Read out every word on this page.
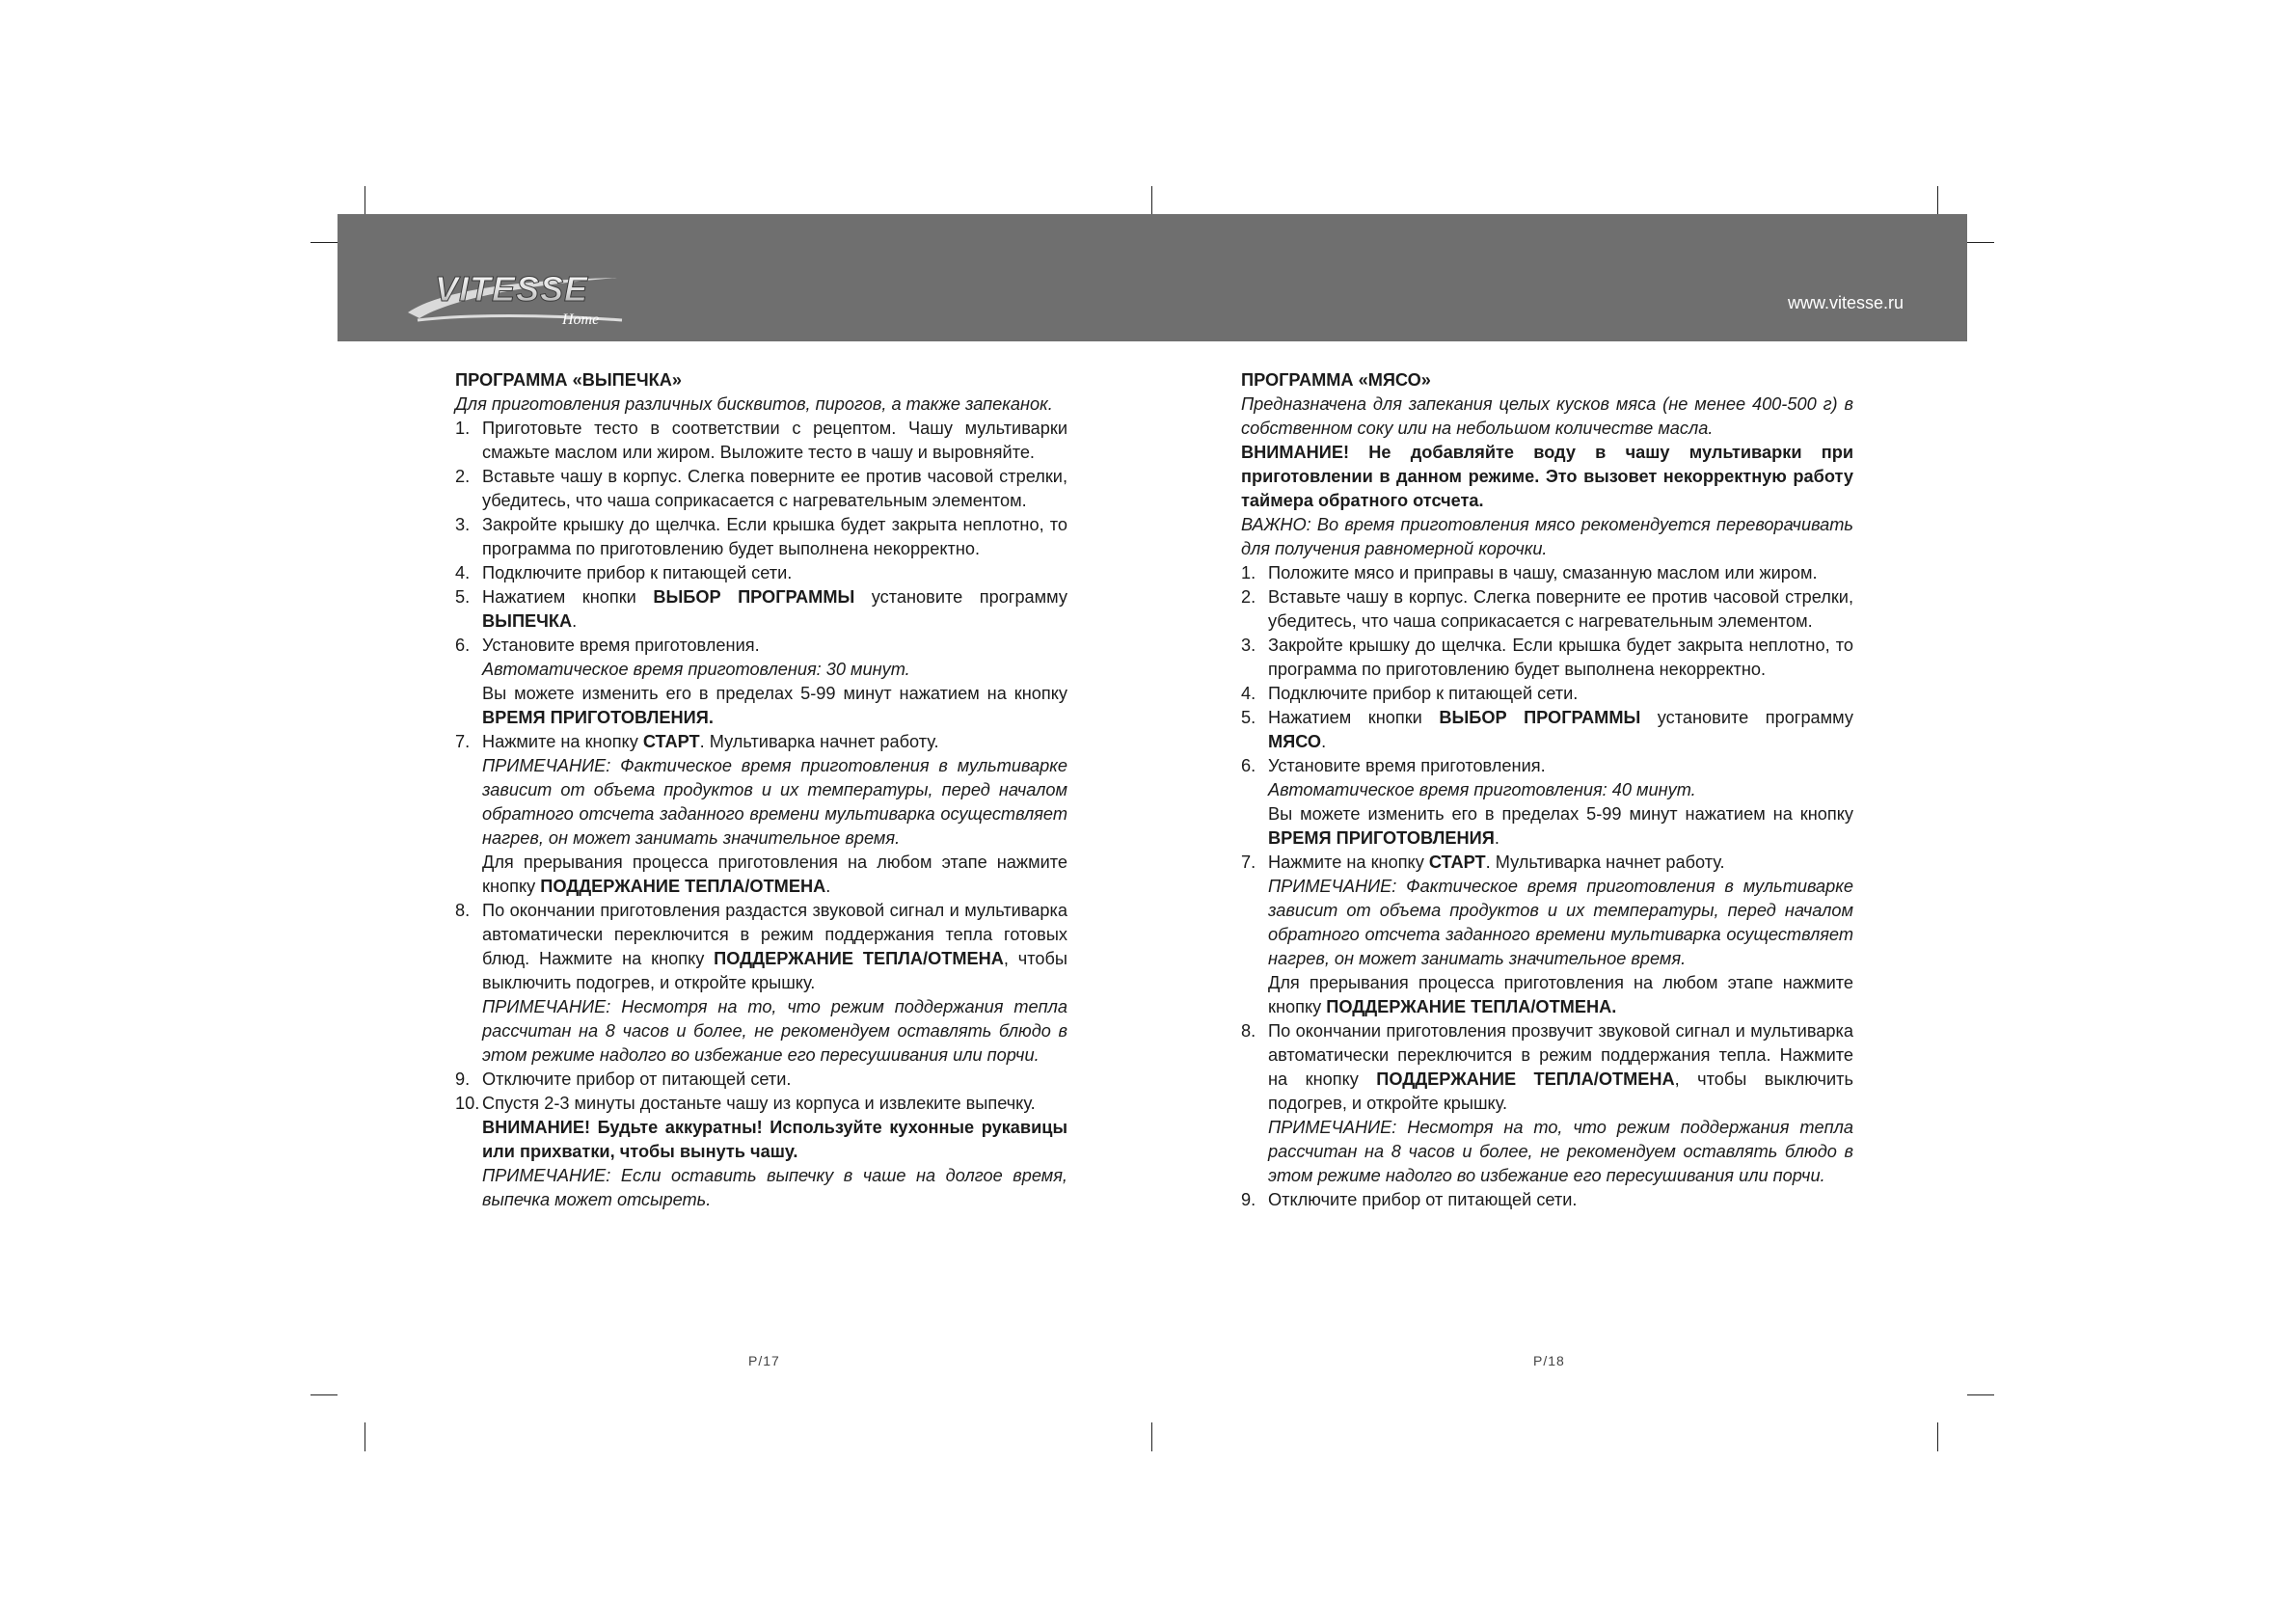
VITESSE
Home
www.vitesse.ru

ПРОГРАММА «ВЫПЕЧКА»

Для приготовления различных бисквитов, пирогов, а также запеканок.

1. Приготовьте тесто в соответствии с рецептом. Чашу мультиварки смажьте маслом или жиром. Выложите тесто в чашу и выровняйте.
2. Вставьте чашу в корпус. Слегка поверните ее против часовой стрелки, убедитесь, что чаша соприкасается с нагревательным элементом.
3. Закройте крышку до щелчка. Если крышка будет закрыта неплотно, то программа по приготовлению будет выполнена некорректно.
4. Подключите прибор к питающей сети.
5. Нажатием кнопки ВЫБОР ПРОГРАММЫ установите программу ВЫПЕЧКА.
6. Установите время приготовления.
Автоматическое время приготовления: 30 минут.
Вы можете изменить его в пределах 5-99 минут нажатием на кнопку ВРЕМЯ ПРИГОТОВЛЕНИЯ.
7. Нажмите на кнопку СТАРТ. Мультиварка начнет работу.
ПРИМЕЧАНИЕ: Фактическое время приготовления в мультиварке зависит от объема продуктов и их температуры, перед началом обратного отсчета заданного времени мультиварка осуществляет нагрев, он может занимать значительное время.
Для прерывания процесса приготовления на любом этапе нажмите кнопку ПОДДЕРЖАНИЕ ТЕПЛА/ОТМЕНА.
8. По окончании приготовления раздастся звуковой сигнал и мультиварка автоматически переключится в режим поддержания тепла готовых блюд. Нажмите на кнопку ПОДДЕРЖАНИЕ ТЕПЛА/ОТМЕНА, чтобы выключить подогрев, и откройте крышку.
ПРИМЕЧАНИЕ: Несмотря на то, что режим поддержания тепла рассчитан на 8 часов и более, не рекомендуем оставлять блюдо в этом режиме надолго во избежание его пересушивания или порчи.
9. Отключите прибор от питающей сети.
10. Спустя 2-3 минуты достаньте чашу из корпуса и извлеките выпечку.
ВНИМАНИЕ! Будьте аккуратны! Используйте кухонные рукавицы или прихватки, чтобы вынуть чашу.
ПРИМЕЧАНИЕ: Если оставить выпечку в чаше на долгое время, выпечка может отсыреть.

ПРОГРАММА «МЯСО»

Предназначена для запекания целых кусков мяса (не менее 400-500 г) в собственном соку или на небольшом количестве масла.

ВНИМАНИЕ! Не добавляйте воду в чашу мультиварки при приготовлении в данном режиме. Это вызовет некорректную работу таймера обратного отсчета.

ВАЖНО: Во время приготовления мясо рекомендуется переворачивать для получения равномерной корочки.

1. Положите мясо и приправы в чашу, смазанную маслом или жиром.
2. Вставьте чашу в корпус. Слегка поверните ее против часовой стрелки, убедитесь, что чаша соприкасается с нагревательным элементом.
3. Закройте крышку до щелчка. Если крышка будет закрыта неплотно, то программа по приготовлению будет выполнена некорректно.
4. Подключите прибор к питающей сети.
5. Нажатием кнопки ВЫБОР ПРОГРАММЫ установите программу МЯСО.
6. Установите время приготовления.
Автоматическое время приготовления: 40 минут.
Вы можете изменить его в пределах 5-99 минут нажатием на кнопку ВРЕМЯ ПРИГОТОВЛЕНИЯ.
7. Нажмите на кнопку СТАРТ. Мультиварка начнет работу.
ПРИМЕЧАНИЕ: Фактическое время приготовления в мультиварке зависит от объема продуктов и их температуры, перед началом обратного отсчета заданного времени мультиварка осуществляет нагрев, он может занимать значительное время.
Для прерывания процесса приготовления на любом этапе нажмите кнопку ПОДДЕРЖАНИЕ ТЕПЛА/ОТМЕНА.
8. По окончании приготовления прозвучит звуковой сигнал и мультиварка автоматически переключится в режим поддержания тепла. Нажмите на кнопку ПОДДЕРЖАНИЕ ТЕПЛА/ОТМЕНА, чтобы выключить подогрев, и откройте крышку.
ПРИМЕЧАНИЕ: Несмотря на то, что режим поддержания тепла рассчитан на 8 часов и более, не рекомендуем оставлять блюдо в этом режиме надолго во избежание его пересушивания или порчи.
9. Отключите прибор от питающей сети.
P/17	P/18
